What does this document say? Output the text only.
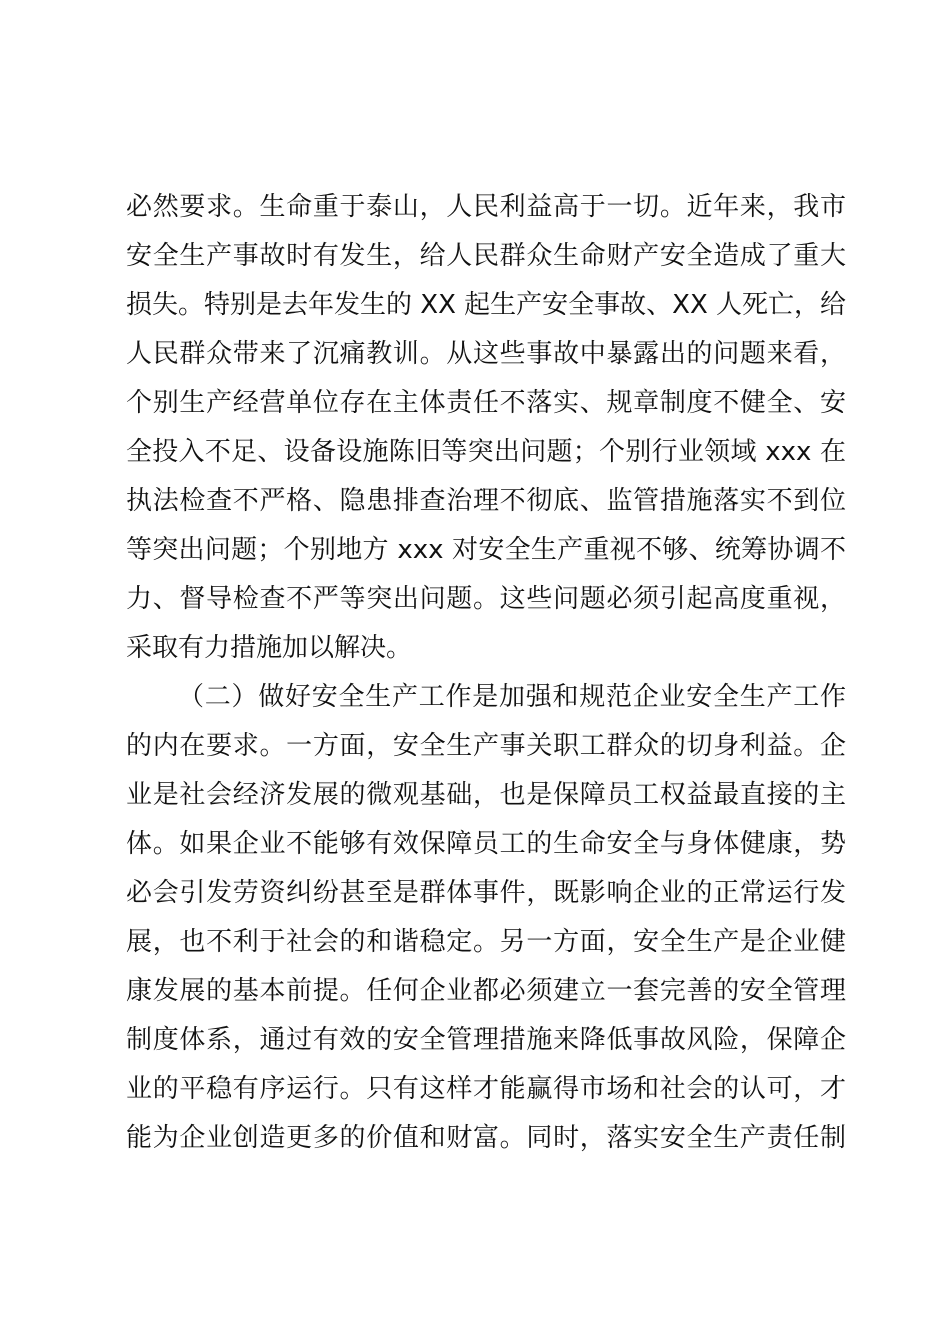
必然要求。生命重于泰山，人民利益高于一切。近年来，我市
安全生产事故时有发生，给人民群众生命财产安全造成了重大
损失。特别是去年发生的 XX 起生产安全事故、XX 人死亡，给
人民群众带来了沉痛教训。从这些事故中暴露出的问题来看，
个别生产经营单位存在主体责任不落实、规章制度不健全、安
全投入不足、设备设施陈旧等突出问题；个别行业领域 xxx 在
执法检查不严格、隐患排查治理不彻底、监管措施落实不到位
等突出问题；个别地方 xxx 对安全生产重视不够、统筹协调不
力、督导检查不严等突出问题。这些问题必须引起高度重视，
采取有力措施加以解决。
（二）做好安全生产工作是加强和规范企业安全生产工作
的内在要求。一方面，安全生产事关职工群众的切身利益。企
业是社会经济发展的微观基础，也是保障员工权益最直接的主
体。如果企业不能够有效保障员工的生命安全与身体健康，势
必会引发劳资纠纷甚至是群体事件，既影响企业的正常运行发
展，也不利于社会的和谐稳定。另一方面，安全生产是企业健
康发展的基本前提。任何企业都必须建立一套完善的安全管理
制度体系，通过有效的安全管理措施来降低事故风险，保障企
业的平稳有序运行。只有这样才能赢得市场和社会的认可，才
能为企业创造更多的价值和财富。同时，落实安全生产责任制
